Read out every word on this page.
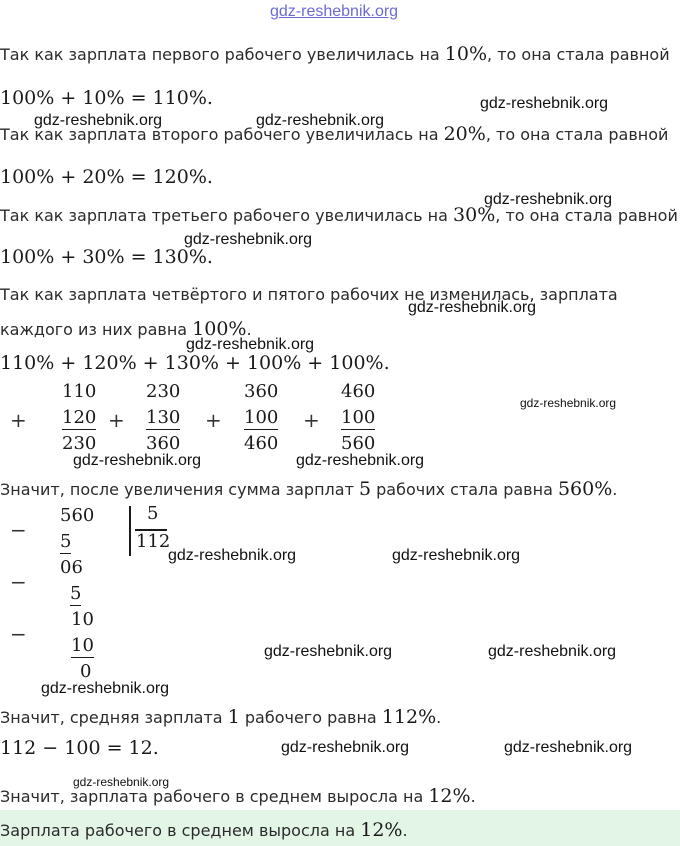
gdz-reshebnik.org
Так как зарплата первого рабочего увеличилась на 10%, то она стала равной
100% + 10% = 110%.
gdz-reshebnik.org	gdz-reshebnik.org
gdz-reshebnik.org
Так как зарплата второго рабочего увеличилась на 20%, то она стала равной
100% + 20% = 120%.
gdz-reshebnik.org
Так как зарплата третьего рабочего увеличилась на 30%, то она стала равной
gdz-reshebnik.org
100% + 30% = 130%.
Так как зарплата четвёртого и пятого рабочих не изменилась, зарплата
каждого из них равна 100%.
gdz-reshebnik.org
gdz-reshebnik.org
110% + 120% + 130% + 100% + 100%.
+
110
120
230
+
230
130
360
+
360
100
460
+
460
100
560
gdz-reshebnik.org
gdz-reshebnik.org	gdz-reshebnik.org
Значит, после увеличения сумма зарплат 5 рабочих стала равна 560%.
−
560
5
5
112
06
− 5
10
− 10
0
gdz-reshebnik.org	gdz-reshebnik.org
gdz-reshebnik.org	gdz-reshebnik.org
gdz-reshebnik.org
Значит, средняя зарплата 1 рабочего равна 112%.
112 − 100 = 12.	gdz-reshebnik.org	gdz-reshebnik.org
gdz-reshebnik.org
Значит, зарплата рабочего в среднем выросла на 12%.
Зарплата рабочего в среднем выросла на 12%.
